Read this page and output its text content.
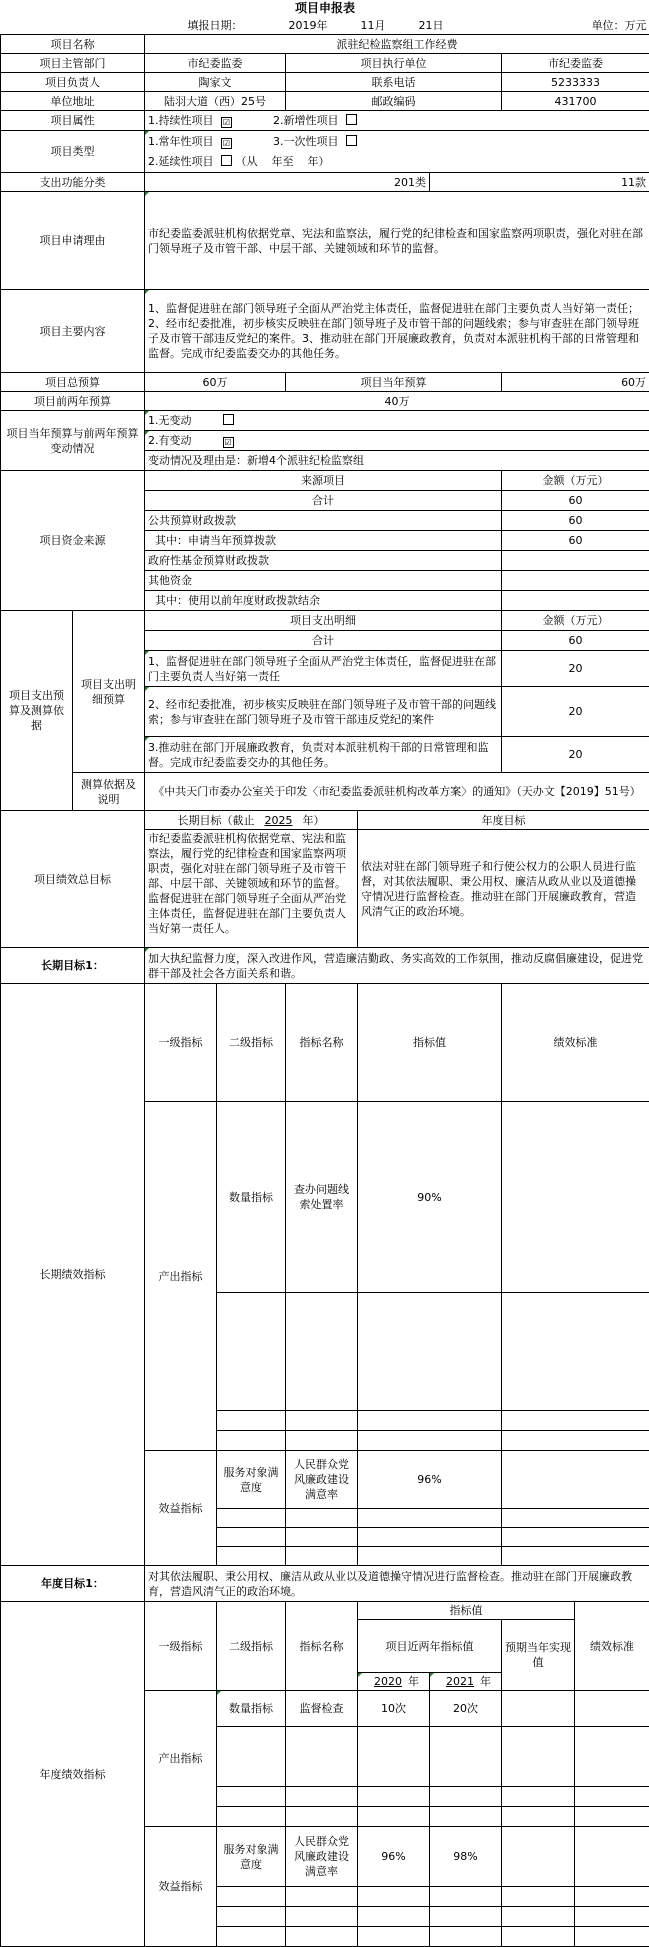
项目申报表								
		填报日期：		2019年 11月 21日			单位：万元	
项目名称		派驻纪检监察组工作经费						
项目主管部门		市纪委监委		项目执行单位			市纪委监委	
项目负责人		陶家文		联系电话			5233333	
单位地址		陆羽大道（西）25号		邮政编码			431700	
项目属性		1.持续性项目 ☑ 2.新增性项目						
项目类型		1.常年性项目 ☑ 3.一次性项目						
		2.延续性项目 （从    年至    年）						
支出功能分类		201类				11款		
项目申请理由		市纪委监委派驻机构依据党章、宪法和监察法，履行党的纪律检查和国家监察两项职责，强化对驻在部门领导班子及市管干部、中层干部、关键领域和环节的监督。						
项目主要内容		1、监督促进驻在部门领导班子全面从严治党主体责任，监督促进驻在部门主要负责人当好第一责任；2、经市纪委批准，初步核实反映驻在部门领导班子及市管干部的问题线索；参与审查驻在部门领导班子及市管干部违反党纪的案件。3、推动驻在部门开展廉政教育，负责对本派驻机构干部的日常管理和监督。完成市纪委监委交办的其他任务。						
项目总预算		60万		项目当年预算			60万	
项目前两年预算		40万						
项目当年预算与前两年预算变动情况		1.无变动						
		2.有变动 ☑						
		变动情况及理由是：新增4个派驻纪检监察组						
项目资金来源		来源项目					金额（万元）	
		合计					60	
		公共预算财政拨款					60	
		其中：申请当年预算拨款					60	
		政府性基金预算财政拨款						
		其他资金						
		其中：使用以前年度财政拨款结余						
项目支出预算及测算依据	项目支出明细预算	项目支出明细					金额（万元）	
		合计					60	
		1、监督促进驻在部门领导班子全面从严治党主体责任，监督促进驻在部门主要负责人当好第一责任					20	
		2、经市纪委批准，初步核实反映驻在部门领导班子及市管干部的问题线索；参与审查驻在部门领导班子及市管干部违反党纪的案件					20	
		3.推动驻在部门开展廉政教育，负责对本派驻机构干部的日常管理和监督。完成市纪委监委交办的其他任务。					20	
	测算依据及说明	《中共天门市委办公室关于印发〈市纪委监委派驻机构改革方案〉的通知》（天办文【2019】51号）						
项目绩效总目标		长期目标（截止 2025 年）			年度目标			
		市纪委监委派驻机构依据党章、宪法和监察法，履行党的纪律检查和国家监察两项职责，强化对驻在部门领导班子及市管干部、中层干部、关键领域和环节的监督。监督促进驻在部门领导班子全面从严治党主体责任，监督促进驻在部门主要负责人当好第一责任人。			依法对驻在部门领导班子和行使公权力的公职人员进行监督，对其依法履职、秉公用权、廉洁从政从业以及道德操守情况进行监督检查。推动驻在部门开展廉政教育，营造风清气正的政治环境。			
长期目标1：		加大执纪监督力度，深入改进作风，营造廉洁勤政、务实高效的工作氛围，推动反腐倡廉建设，促进党群干部及社会各方面关系和谐。						
长期绩效指标		一级指标	二级指标	指标名称	指标值		绩效标准	
		产出指标	数量指标	查办问题线索处置率	90%			

		效益指标	服务对象满意度	人民群众党风廉政建设满意率	96%			

年度目标1：		对其依法履职、秉公用权、廉洁从政从业以及道德操守情况进行监督检查。推动驻在部门开展廉政教育，营造风清气正的政治环境。						
年度绩效指标		一级指标	二级指标	指标名称	指标值			绩效标准
					项目近两年指标值		预期当年实现值	
					2020 年	2021 年		
		产出指标	数量指标	监督检查	10次	20次		

		效益指标	服务对象满意度	人民群众党风廉政建设满意率	96%	98%		
